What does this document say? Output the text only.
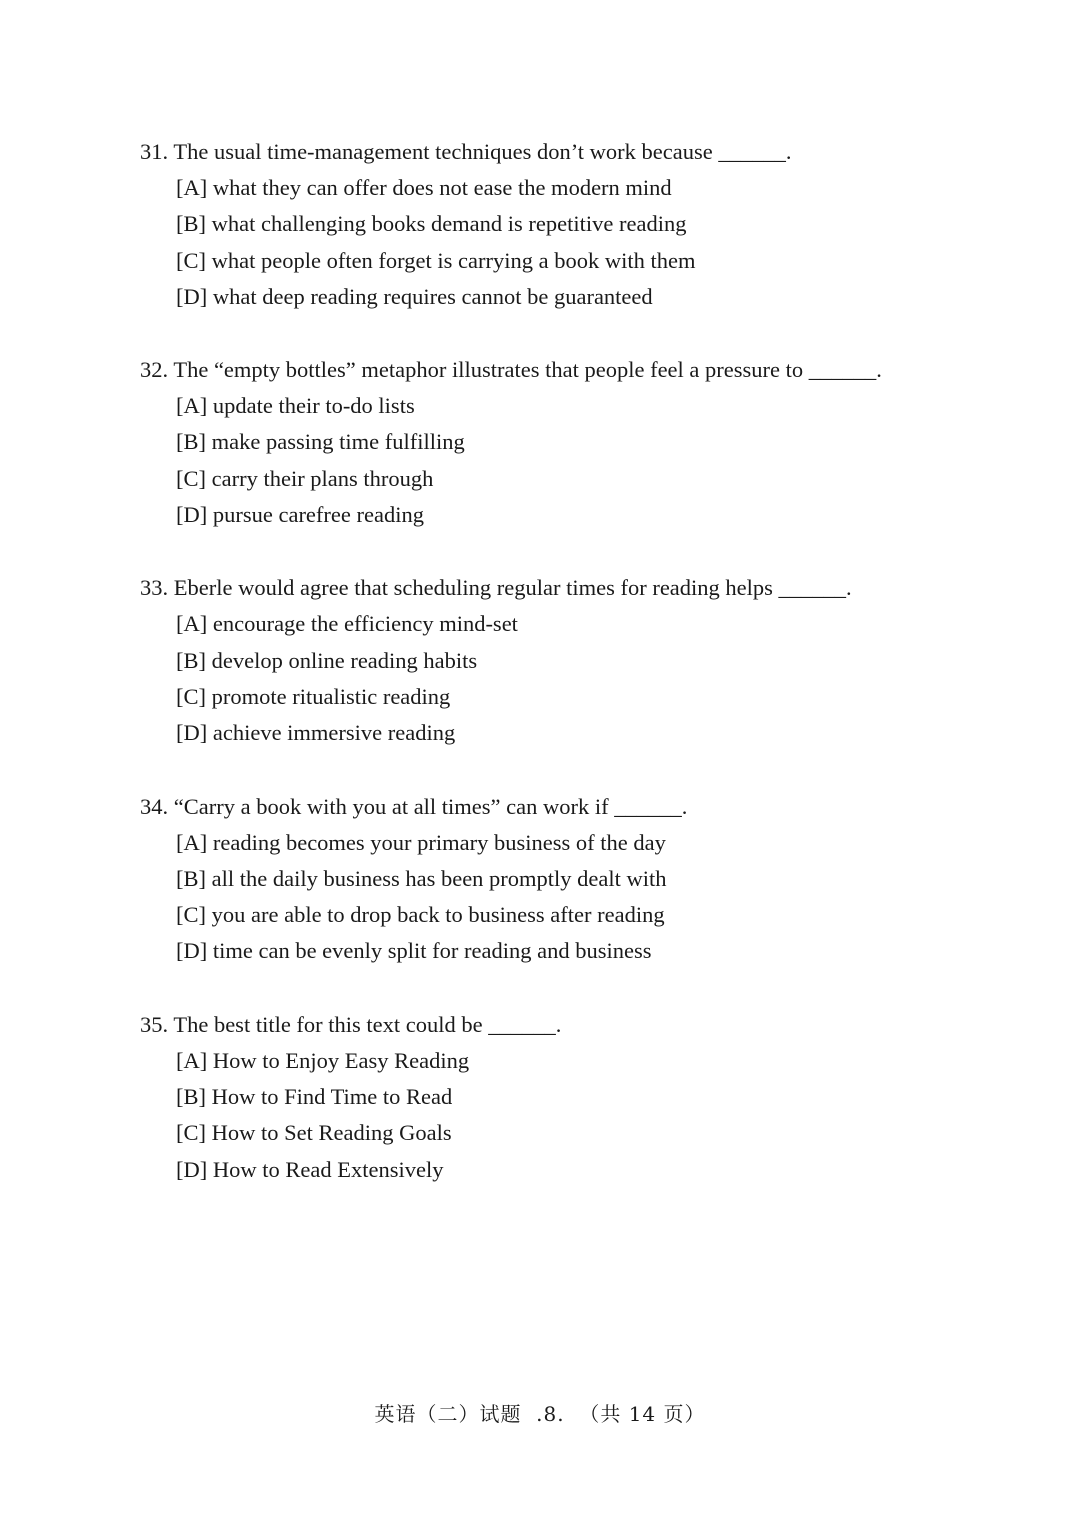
31. The usual time-management techniques don’t work because ______.
[A] what they can offer does not ease the modern mind
[B] what challenging books demand is repetitive reading
[C] what people often forget is carrying a book with them
[D] what deep reading requires cannot be guaranteed
32. The “empty bottles” metaphor illustrates that people feel a pressure to ______.
[A] update their to-do lists
[B] make passing time fulfilling
[C] carry their plans through
[D] pursue carefree reading
33. Eberle would agree that scheduling regular times for reading helps ______.
[A] encourage the efficiency mind-set
[B] develop online reading habits
[C] promote ritualistic reading
[D] achieve immersive reading
34. “Carry a book with you at all times” can work if ______.
[A] reading becomes your primary business of the day
[B] all the daily business has been promptly dealt with
[C] you are able to drop back to business after reading
[D] time can be evenly split for reading and business
35. The best title for this text could be ______.
[A] How to Enjoy Easy Reading
[B] How to Find Time to Read
[C] How to Set Reading Goals
[D] How to Read Extensively
英语（二）试题  .8.  （共 14 页）
